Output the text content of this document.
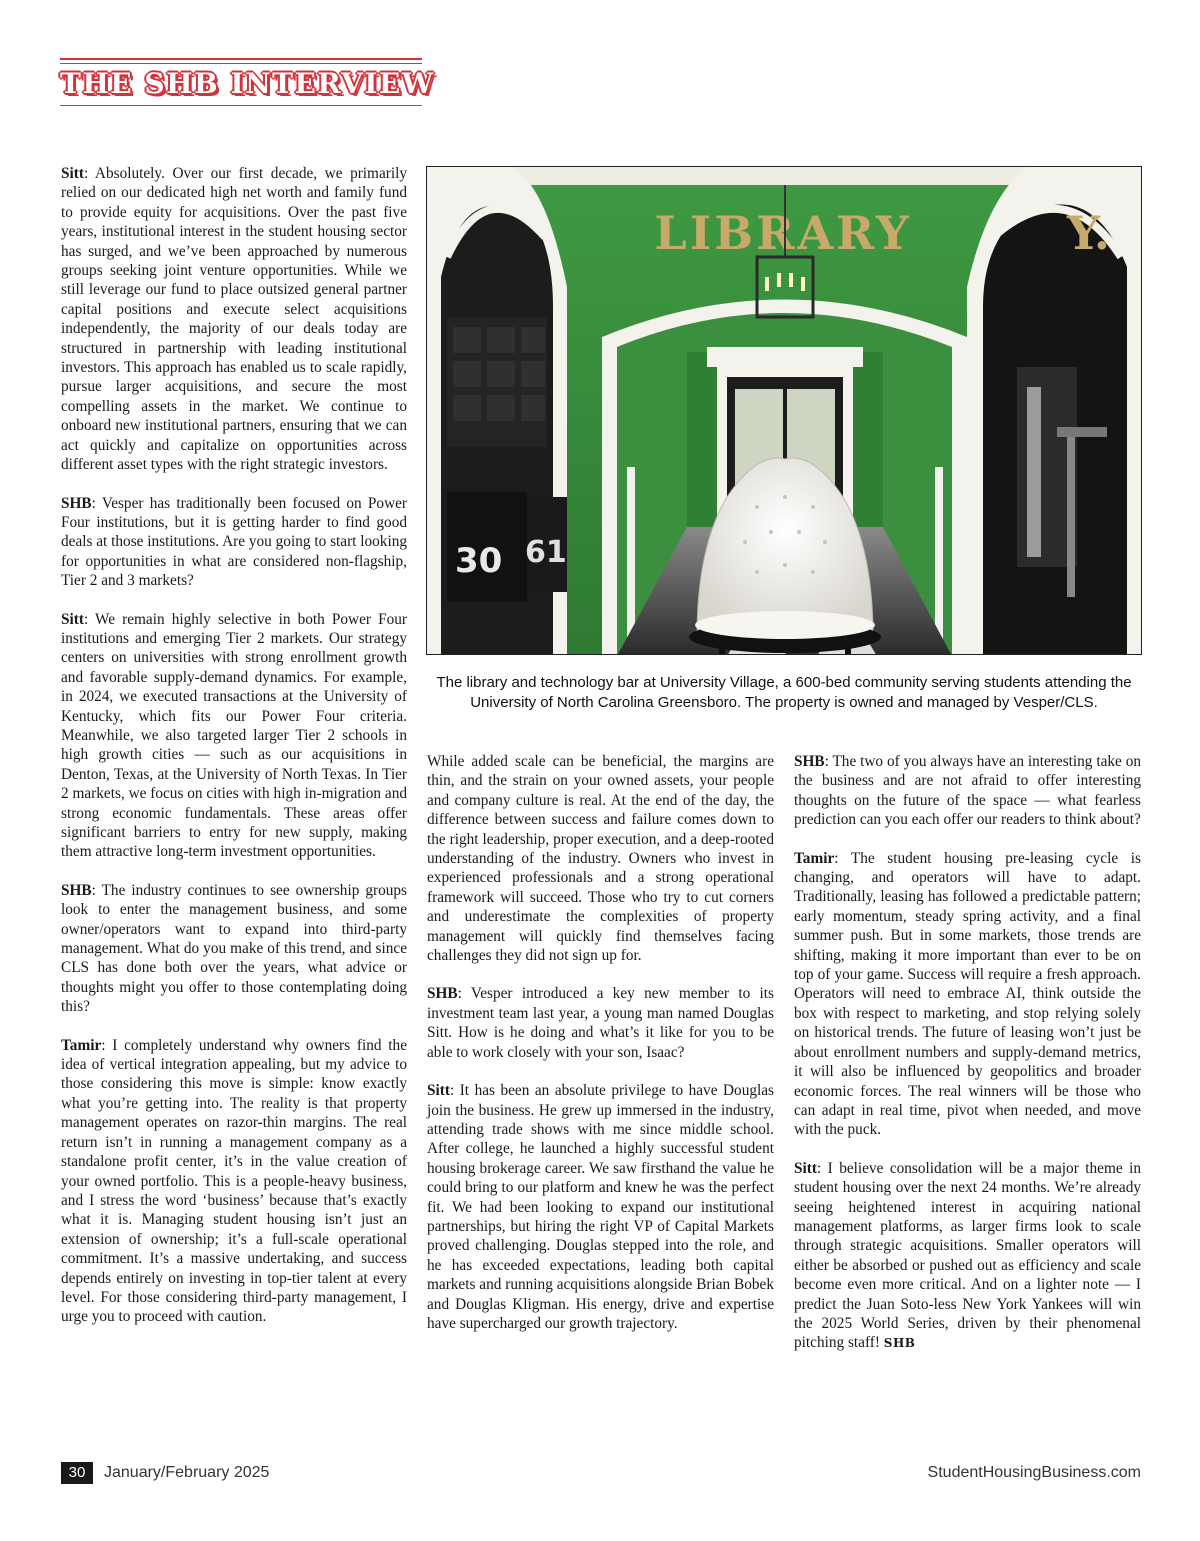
THE SHB INTERVIEW

Sitt: Absolutely. Over our first decade, we primarily relied on our dedicated high net worth and family fund to provide equity for acquisitions. Over the past five years, institutional interest in the student housing sector has surged, and we’ve been approached by numerous groups seeking joint venture opportunities. While we still leverage our fund to place outsized general partner capital positions and execute select acquisitions independently, the majority of our deals today are structured in partnership with leading institutional investors. This approach has enabled us to scale rapidly, pursue larger acquisitions, and secure the most compelling assets in the market. We continue to onboard new institutional partners, ensuring that we can act quickly and capitalize on opportunities across different asset types with the right strategic investors.

SHB: Vesper has traditionally been focused on Power Four institutions, but it is getting harder to find good deals at those institutions. Are you going to start looking for opportunities in what are considered non-flagship, Tier 2 and 3 markets?

Sitt: We remain highly selective in both Power Four institutions and emerging Tier 2 markets. Our strategy centers on universities with strong enrollment growth and favorable supply-demand dynamics. For example, in 2024, we executed transactions at the University of Kentucky, which fits our Power Four criteria. Meanwhile, we also targeted larger Tier 2 schools in high growth cities — such as our acquisitions in Denton, Texas, at the University of North Texas. In Tier 2 markets, we focus on cities with high in-migration and strong economic fundamentals. These areas offer significant barriers to entry for new supply, making them attractive long-term investment opportunities.

SHB: The industry continues to see ownership groups look to enter the management business, and some owner/operators want to expand into third-party management. What do you make of this trend, and since CLS has done both over the years, what advice or thoughts might you offer to those contemplating doing this?

Tamir: I completely understand why owners find the idea of vertical integration appealing, but my advice to those considering this move is simple: know exactly what you’re getting into. The reality is that property management operates on razor-thin margins. The real return isn’t in running a management company as a standalone profit center, it’s in the value creation of your owned portfolio. This is a people-heavy business, and I stress the word ‘business’ because that’s exactly what it is. Managing student housing isn’t just an extension of ownership; it’s a full-scale operational commitment. It’s a massive undertaking, and success depends entirely on investing in top-tier talent at every level. For those considering third-party management, I urge you to proceed with caution.

30 61
LIBRARY	Y.
The library and technology bar at University Village, a 600-bed community serving students attending the University of North Carolina Greensboro. The property is owned and managed by Vesper/CLS.

While added scale can be beneficial, the margins are thin, and the strain on your owned assets, your people and company culture is real. At the end of the day, the difference between success and failure comes down to the right leadership, proper execution, and a deep-rooted understanding of the industry. Owners who invest in experienced professionals and a strong operational framework will succeed. Those who try to cut corners and underestimate the complexities of property management will quickly find themselves facing challenges they did not sign up for.

SHB: Vesper introduced a key new member to its investment team last year, a young man named Douglas Sitt. How is he doing and what’s it like for you to be able to work closely with your son, Isaac?

Sitt: It has been an absolute privilege to have Douglas join the business. He grew up immersed in the industry, attending trade shows with me since middle school. After college, he launched a highly successful student housing brokerage career. We saw firsthand the value he could bring to our platform and knew he was the perfect fit. We had been looking to expand our institutional partnerships, but hiring the right VP of Capital Markets proved challenging. Douglas stepped into the role, and he has exceeded expectations, leading both capital markets and running acquisitions alongside Brian Bobek and Douglas Kligman. His energy, drive and expertise have supercharged our growth trajectory.

SHB: The two of you always have an interesting take on the business and are not afraid to offer interesting thoughts on the future of the space — what fearless prediction can you each offer our readers to think about?

Tamir: The student housing pre-leasing cycle is changing, and operators will have to adapt. Traditionally, leasing has followed a predictable pattern; early momentum, steady spring activity, and a final summer push. But in some markets, those trends are shifting, making it more important than ever to be on top of your game. Success will require a fresh approach. Operators will need to embrace AI, think outside the box with respect to marketing, and stop relying solely on historical trends. The future of leasing won’t just be about enrollment numbers and supply-demand metrics, it will also be influenced by geopolitics and broader economic forces. The real winners will be those who can adapt in real time, pivot when needed, and move with the puck.

Sitt: I believe consolidation will be a major theme in student housing over the next 24 months. We’re already seeing heightened interest in acquiring national management platforms, as larger firms look to scale through strategic acquisitions. Smaller operators will either be absorbed or pushed out as efficiency and scale become even more critical. And on a lighter note — I predict the Juan Soto-less New York Yankees will win the 2025 World Series, driven by their phenomenal pitching staff! SHB

30	January/February 2025	StudentHousingBusiness.com
